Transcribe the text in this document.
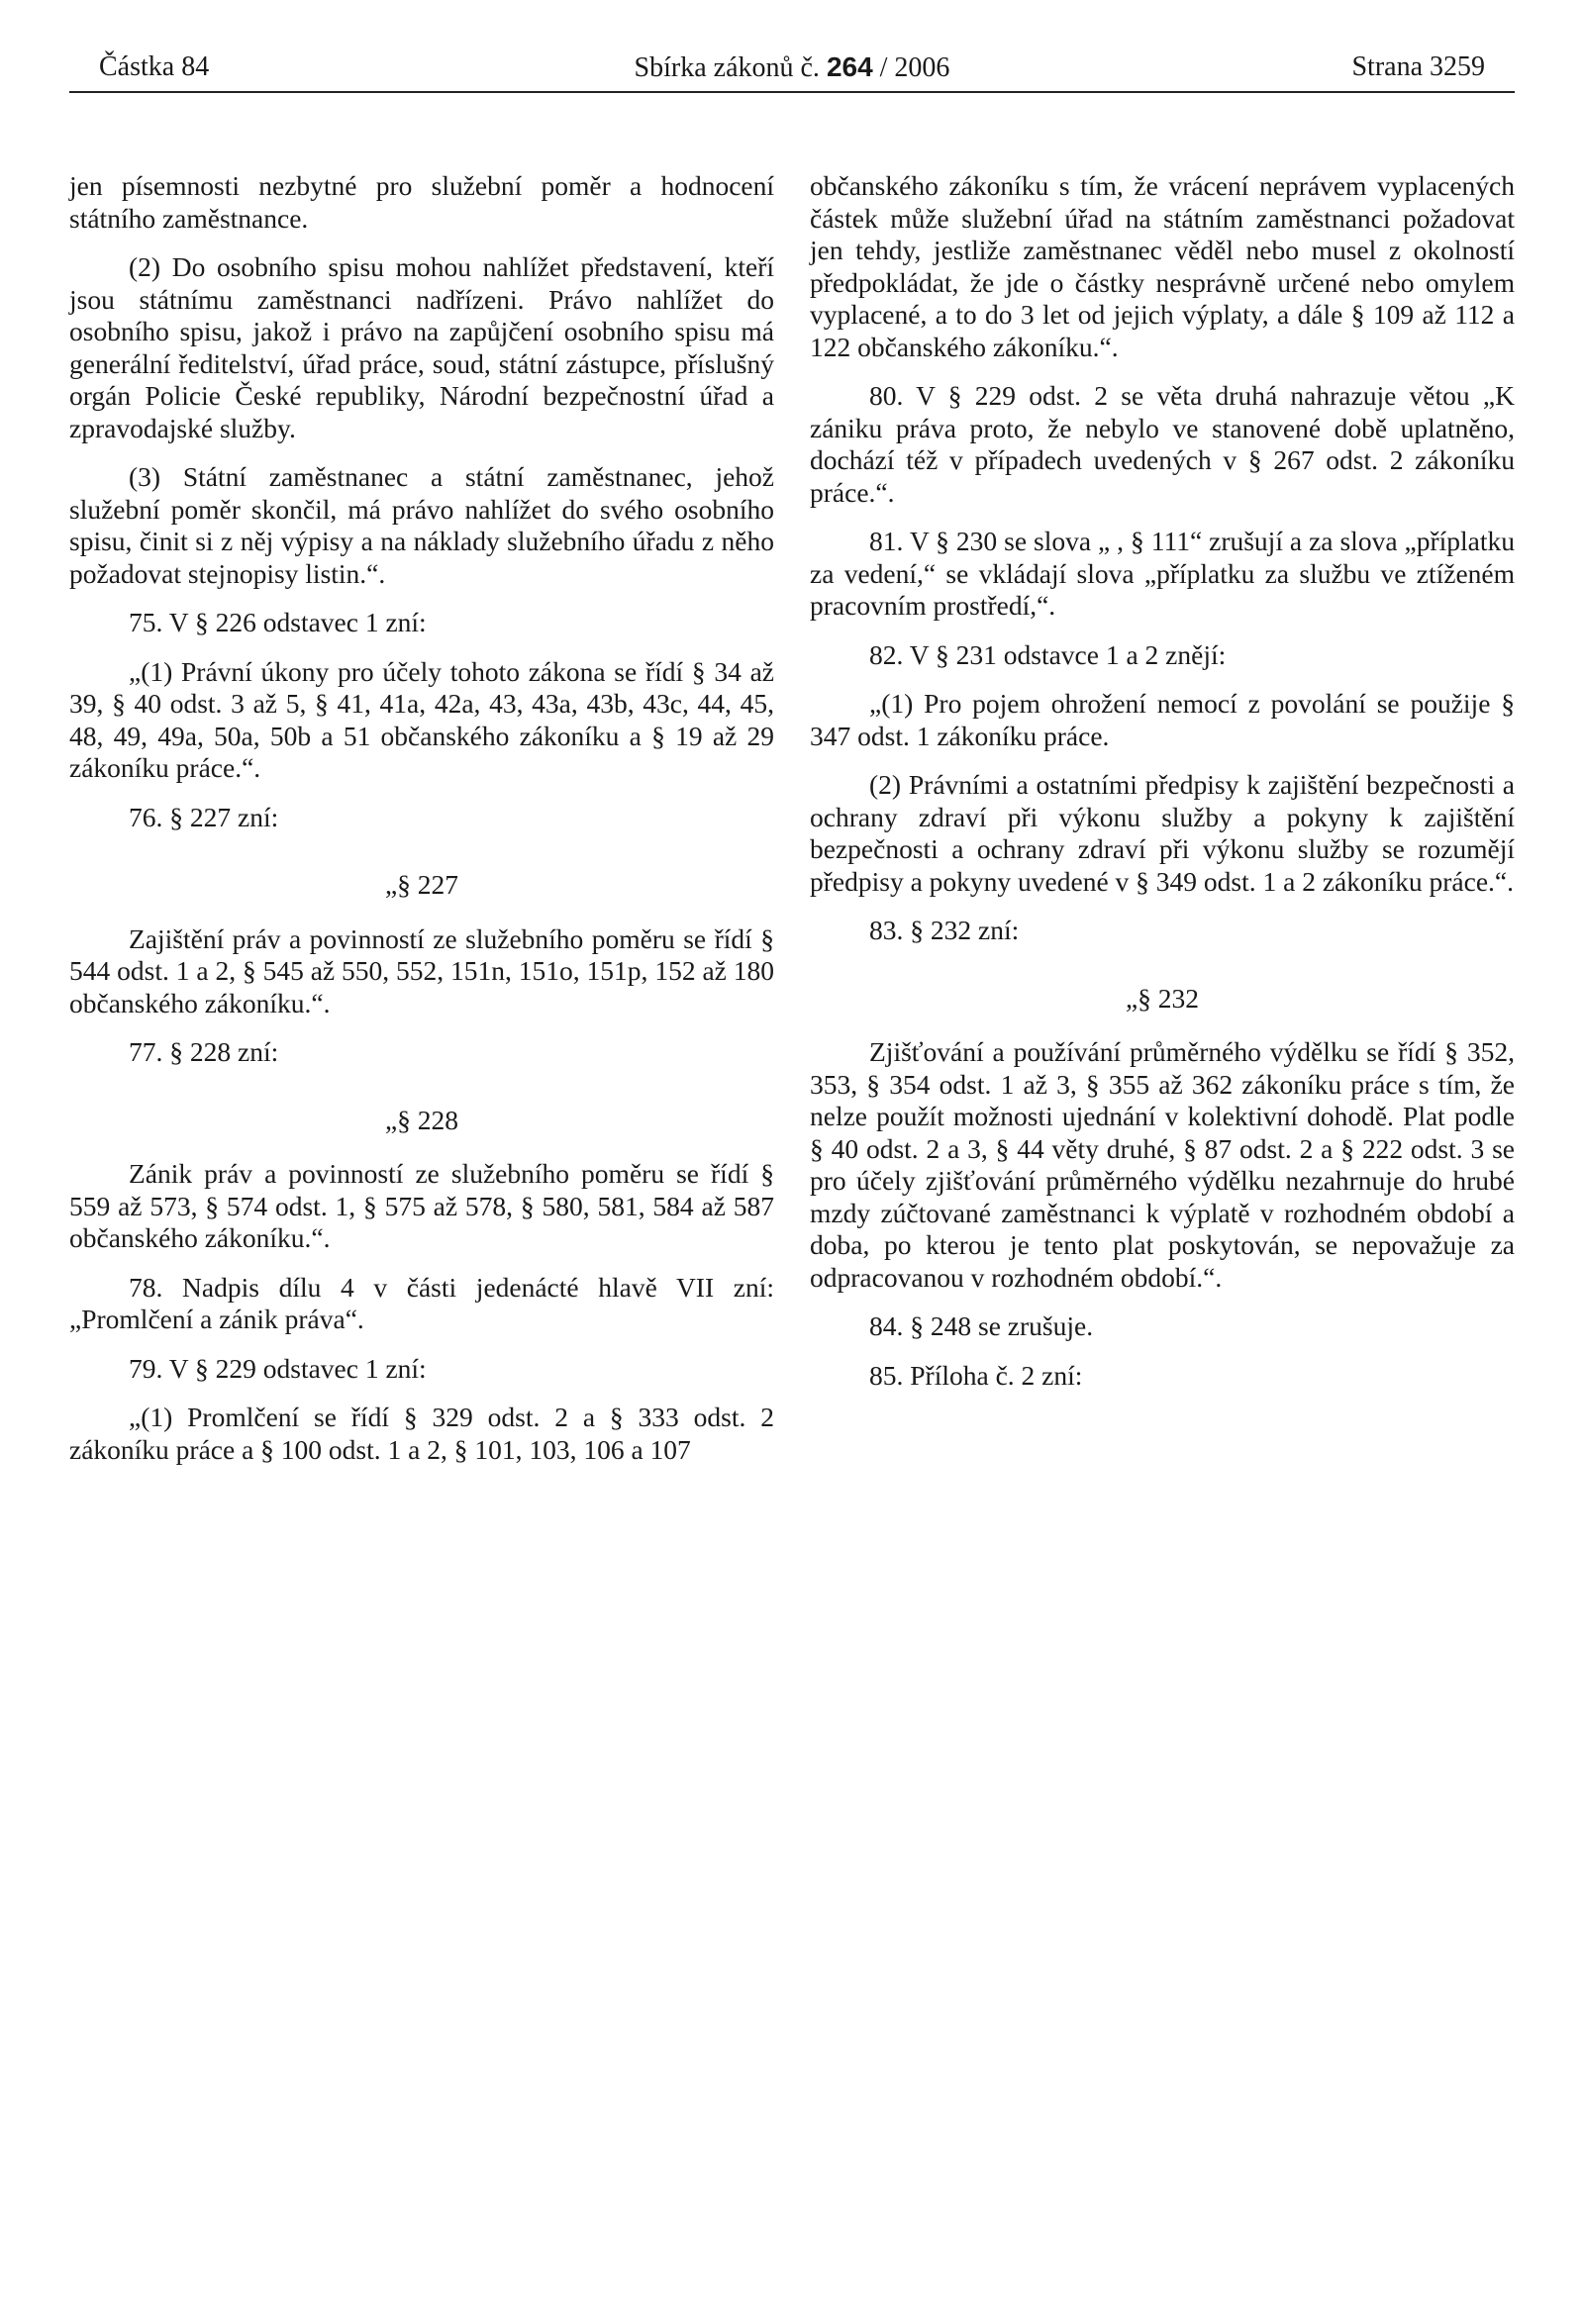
Částka 84	Sbírka zákonů č. 264 / 2006	Strana 3259

jen písemnosti nezbytné pro služební poměr a hodnocení státního zaměstnance.

(2) Do osobního spisu mohou nahlížet představení, kteří jsou státnímu zaměstnanci nadřízeni. Právo nahlížet do osobního spisu, jakož i právo na zapůjčení osobního spisu má generální ředitelství, úřad práce, soud, státní zástupce, příslušný orgán Policie České republiky, Národní bezpečnostní úřad a zpravodajské služby.

(3) Státní zaměstnanec a státní zaměstnanec, jehož služební poměr skončil, má právo nahlížet do svého osobního spisu, činit si z něj výpisy a na náklady služebního úřadu z něho požadovat stejnopisy listin.“.

75. V § 226 odstavec 1 zní:

„(1) Právní úkony pro účely tohoto zákona se řídí § 34 až 39, § 40 odst. 3 až 5, § 41, 41a, 42a, 43, 43a, 43b, 43c, 44, 45, 48, 49, 49a, 50a, 50b a 51 občanského zákoníku a § 19 až 29 zákoníku práce.“.

76. § 227 zní:

„§ 227

Zajištění práv a povinností ze služebního poměru se řídí § 544 odst. 1 a 2, § 545 až 550, 552, 151n, 151o, 151p, 152 až 180 občanského zákoníku.“.

77. § 228 zní:

„§ 228

Zánik práv a povinností ze služebního poměru se řídí § 559 až 573, § 574 odst. 1, § 575 až 578, § 580, 581, 584 až 587 občanského zákoníku.“.

78. Nadpis dílu 4 v části jedenácté hlavě VII zní: „Promlčení a zánik práva“.

79. V § 229 odstavec 1 zní:

„(1) Promlčení se řídí § 329 odst. 2 a § 333 odst. 2 zákoníku práce a § 100 odst. 1 a 2, § 101, 103, 106 a 107

občanského zákoníku s tím, že vrácení neprávem vyplacených částek může služební úřad na státním zaměstnanci požadovat jen tehdy, jestliže zaměstnanec věděl nebo musel z okolností předpokládat, že jde o částky nesprávně určené nebo omylem vyplacené, a to do 3 let od jejich výplaty, a dále § 109 až 112 a 122 občanského zákoníku.“.

80. V § 229 odst. 2 se věta druhá nahrazuje větou „K zániku práva proto, že nebylo ve stanovené době uplatněno, dochází též v případech uvedených v § 267 odst. 2 zákoníku práce.“.

81. V § 230 se slova „ , § 111“ zrušují a za slova „příplatku za vedení,“ se vkládají slova „příplatku za službu ve ztíženém pracovním prostředí,“.

82. V § 231 odstavce 1 a 2 znějí:

„(1) Pro pojem ohrožení nemocí z povolání se použije § 347 odst. 1 zákoníku práce.

(2) Právními a ostatními předpisy k zajištění bezpečnosti a ochrany zdraví při výkonu služby a pokyny k zajištění bezpečnosti a ochrany zdraví při výkonu služby se rozumějí předpisy a pokyny uvedené v § 349 odst. 1 a 2 zákoníku práce.“.

83. § 232 zní:

„§ 232

Zjišťování a používání průměrného výdělku se řídí § 352, 353, § 354 odst. 1 až 3, § 355 až 362 zákoníku práce s tím, že nelze použít možnosti ujednání v kolektivní dohodě. Plat podle § 40 odst. 2 a 3, § 44 věty druhé, § 87 odst. 2 a § 222 odst. 3 se pro účely zjišťování průměrného výdělku nezahrnuje do hrubé mzdy zúčtované zaměstnanci k výplatě v rozhodném období a doba, po kterou je tento plat poskytován, se nepovažuje za odpracovanou v rozhodném období.“.

84. § 248 se zrušuje.

85. Příloha č. 2 zní:
